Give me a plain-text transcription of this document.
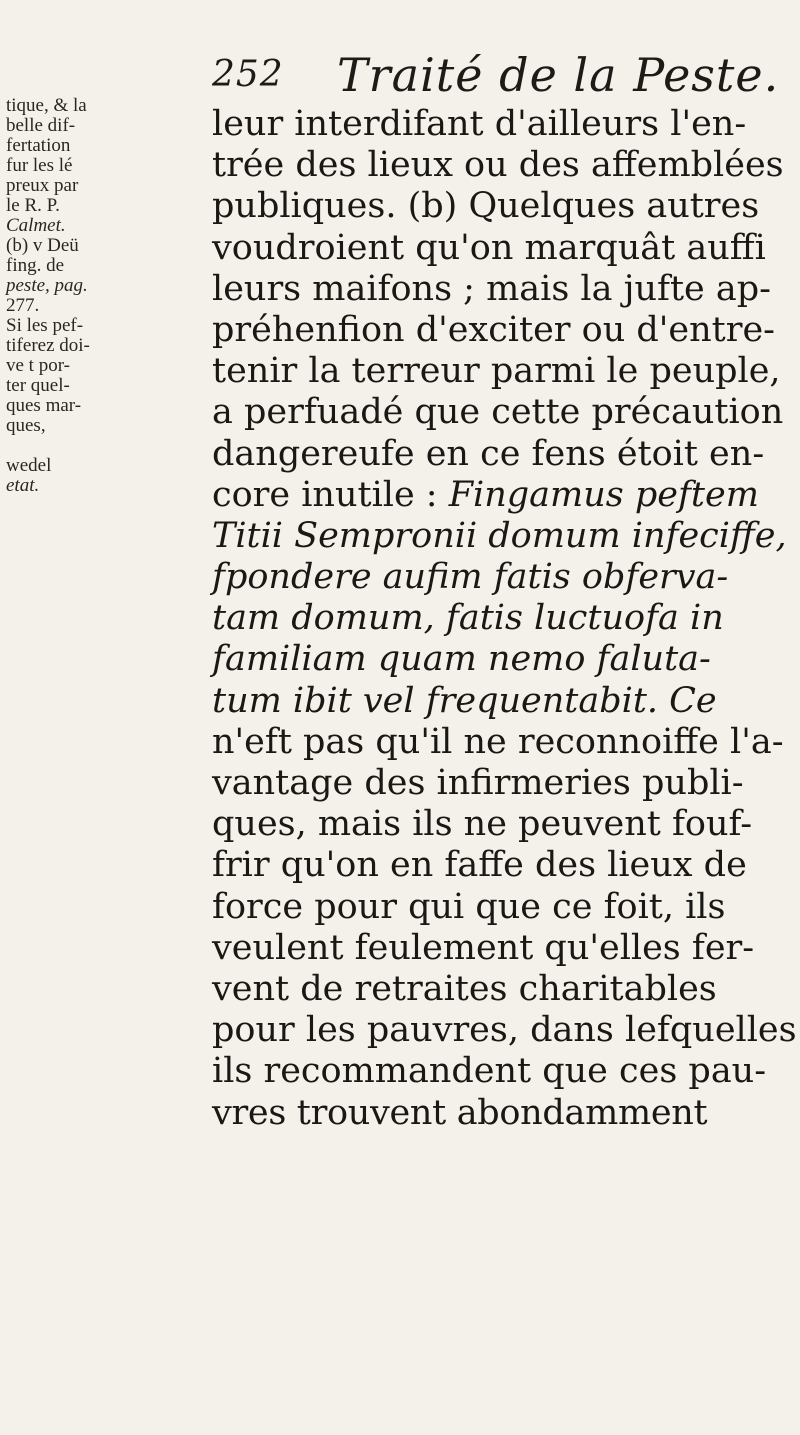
252 Traité de la Peste.
tique, & la
belle dif-
fertation
fur les lé
preux par
le R. P.
Calmet.
(b) v Deü
fing. de
peste, pag.
277.
Si les pef-
tiferez doi-
ve t por-
ter quel-
ques mar-
ques,
wedel
etat.
leur interdifant d'ailleurs l'en-
trée des lieux ou des affemblées
publiques. (b) Quelques autres
voudroient qu'on marquât auffi
leurs maifons ; mais la jufte ap-
préhenfion d'exciter ou d'entre-
tenir la terreur parmi le peuple,
a perfuadé que cette précaution
dangereufe en ce fens étoit en-
core inutile : Fingamus peftem
Titii Sempronii domum infeciffe,
fpondere aufim fatis obferva-
tam domum, fatis luctuofa in
familiam quam nemo faluta-
tum ibit vel frequentabit. Ce
n'eft pas qu'il ne reconnoiffe l'a-
vantage des infirmeries publi-
ques, mais ils ne peuvent fouf-
frir qu'on en faffe des lieux de
force pour qui que ce foit, ils
veulent feulement qu'elles fer-
vent de retraites charitables
pour les pauvres, dans lefquelles
ils recommandent que ces pau-
vres trouvent abondamment
